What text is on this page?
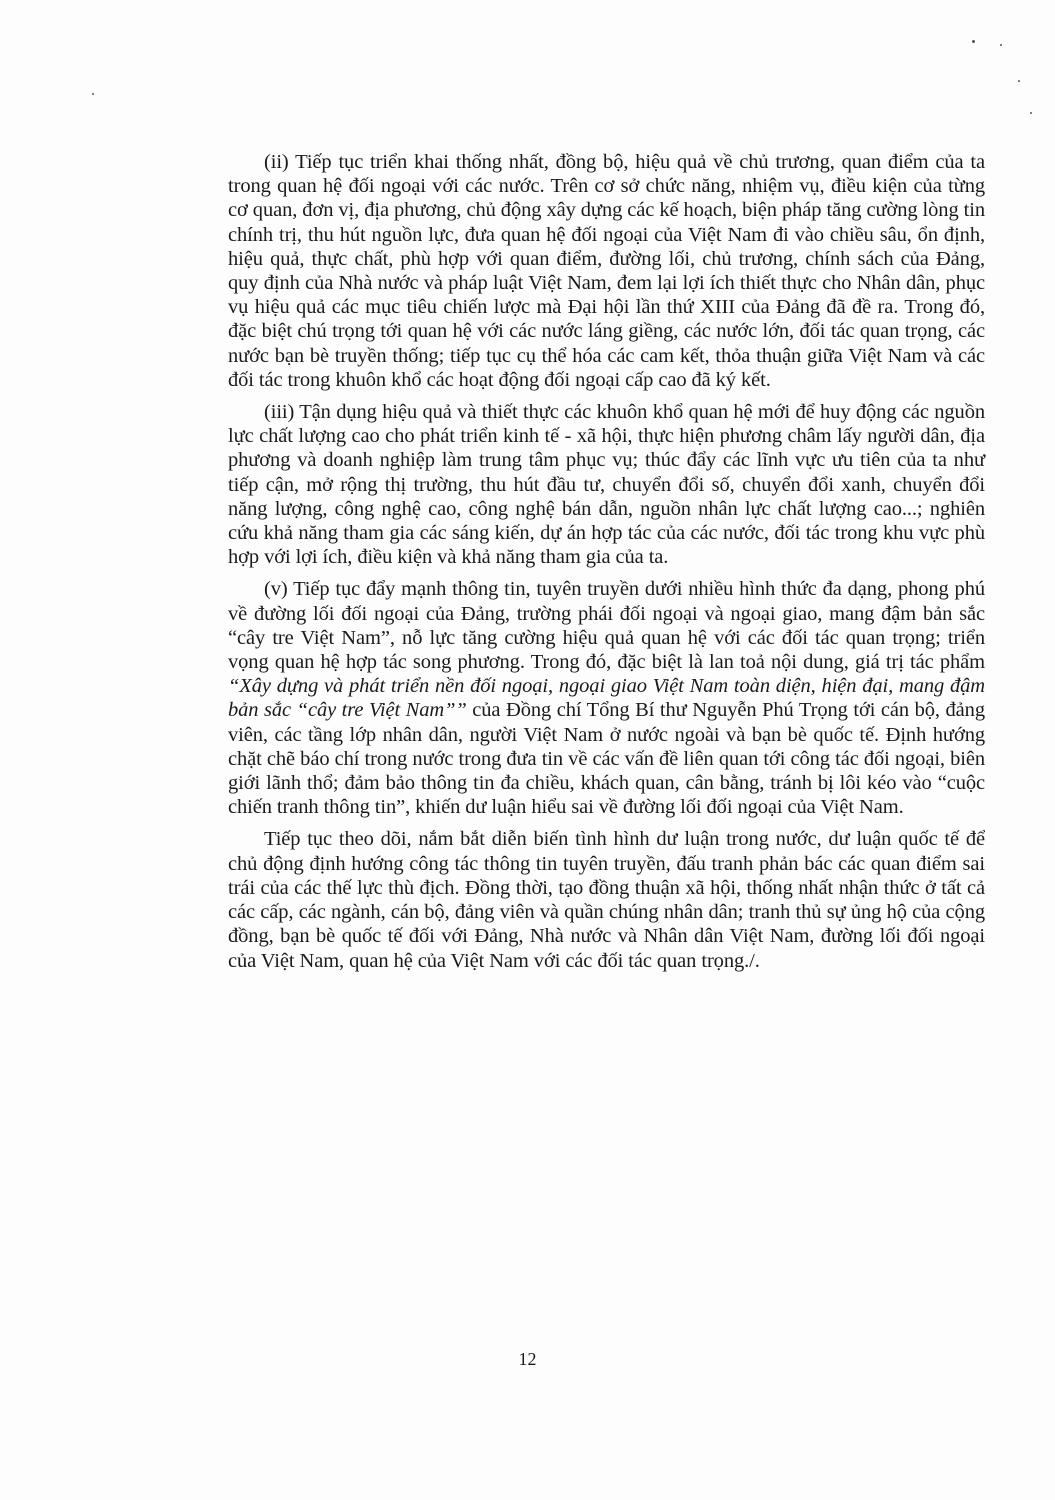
(ii) Tiếp tục triển khai thống nhất, đồng bộ, hiệu quả về chủ trương, quan điểm của ta trong quan hệ đối ngoại với các nước. Trên cơ sở chức năng, nhiệm vụ, điều kiện của từng cơ quan, đơn vị, địa phương, chủ động xây dựng các kế hoạch, biện pháp tăng cường lòng tin chính trị, thu hút nguồn lực, đưa quan hệ đối ngoại của Việt Nam đi vào chiều sâu, ổn định, hiệu quả, thực chất, phù hợp với quan điểm, đường lối, chủ trương, chính sách của Đảng, quy định của Nhà nước và pháp luật Việt Nam, đem lại lợi ích thiết thực cho Nhân dân, phục vụ hiệu quả các mục tiêu chiến lược mà Đại hội lần thứ XIII của Đảng đã đề ra. Trong đó, đặc biệt chú trọng tới quan hệ với các nước láng giềng, các nước lớn, đối tác quan trọng, các nước bạn bè truyền thống; tiếp tục cụ thể hóa các cam kết, thỏa thuận giữa Việt Nam và các đối tác trong khuôn khổ các hoạt động đối ngoại cấp cao đã ký kết.

(iii) Tận dụng hiệu quả và thiết thực các khuôn khổ quan hệ mới để huy động các nguồn lực chất lượng cao cho phát triển kinh tế - xã hội, thực hiện phương châm lấy người dân, địa phương và doanh nghiệp làm trung tâm phục vụ; thúc đẩy các lĩnh vực ưu tiên của ta như tiếp cận, mở rộng thị trường, thu hút đầu tư, chuyển đổi số, chuyển đổi xanh, chuyển đổi năng lượng, công nghệ cao, công nghệ bán dẫn, nguồn nhân lực chất lượng cao...; nghiên cứu khả năng tham gia các sáng kiến, dự án hợp tác của các nước, đối tác trong khu vực phù hợp với lợi ích, điều kiện và khả năng tham gia của ta.

(v) Tiếp tục đẩy mạnh thông tin, tuyên truyền dưới nhiều hình thức đa dạng, phong phú về đường lối đối ngoại của Đảng, trường phái đối ngoại và ngoại giao, mang đậm bản sắc “cây tre Việt Nam”, nỗ lực tăng cường hiệu quả quan hệ với các đối tác quan trọng; triển vọng quan hệ hợp tác song phương. Trong đó, đặc biệt là lan toả nội dung, giá trị tác phẩm “Xây dựng và phát triển nền đối ngoại, ngoại giao Việt Nam toàn diện, hiện đại, mang đậm bản sắc “cây tre Việt Nam”” của Đồng chí Tổng Bí thư Nguyễn Phú Trọng tới cán bộ, đảng viên, các tầng lớp nhân dân, người Việt Nam ở nước ngoài và bạn bè quốc tế. Định hướng chặt chẽ báo chí trong nước trong đưa tin về các vấn đề liên quan tới công tác đối ngoại, biên giới lãnh thổ; đảm bảo thông tin đa chiều, khách quan, cân bằng, tránh bị lôi kéo vào “cuộc chiến tranh thông tin”, khiến dư luận hiểu sai về đường lối đối ngoại của Việt Nam.

Tiếp tục theo dõi, nắm bắt diễn biến tình hình dư luận trong nước, dư luận quốc tế để chủ động định hướng công tác thông tin tuyên truyền, đấu tranh phản bác các quan điểm sai trái của các thế lực thù địch. Đồng thời, tạo đồng thuận xã hội, thống nhất nhận thức ở tất cả các cấp, các ngành, cán bộ, đảng viên và quần chúng nhân dân; tranh thủ sự ủng hộ của cộng đồng, bạn bè quốc tế đối với Đảng, Nhà nước và Nhân dân Việt Nam, đường lối đối ngoại của Việt Nam, quan hệ của Việt Nam với các đối tác quan trọng./.

12
